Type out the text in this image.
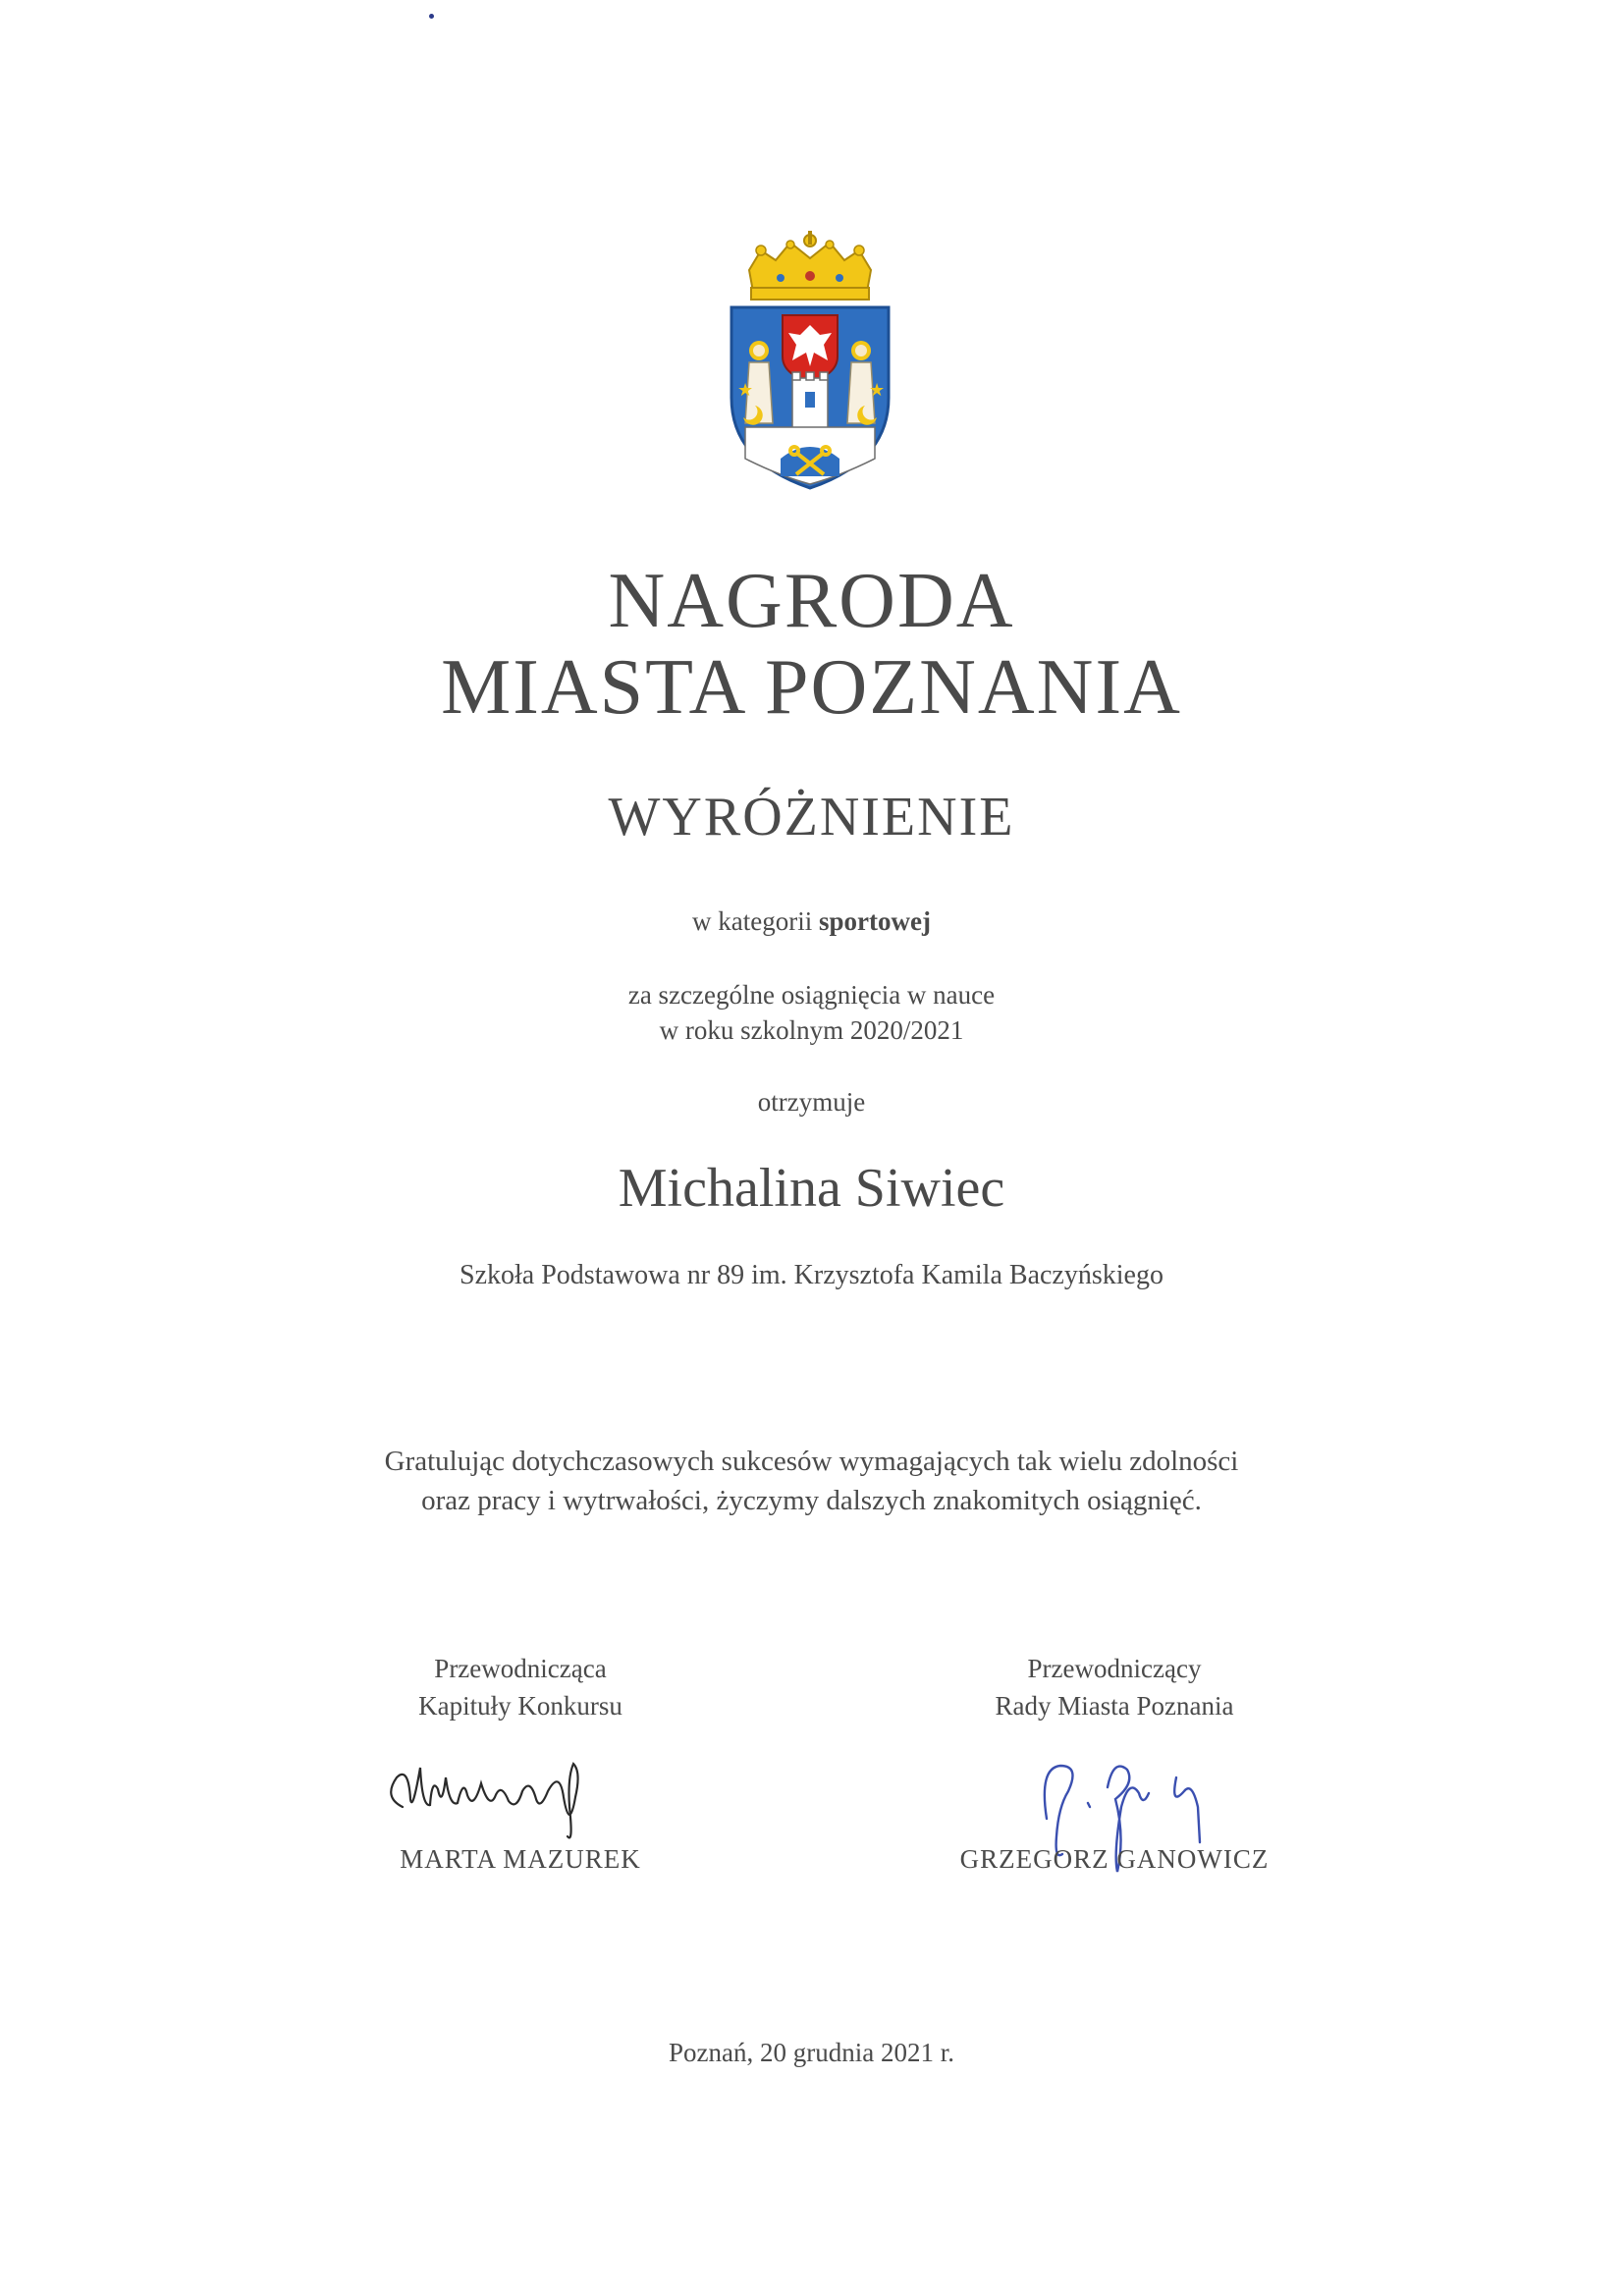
★	★
NAGRODA
MIASTA POZNANIA
WYRÓŻNIENIE
w kategorii sportowej
za szczególne osiągnięcia w nauce
w roku szkolnym 2020/2021
otrzymuje
Michalina Siwiec
Szkoła Podstawowa nr 89 im. Krzysztofa Kamila Baczyńskiego
Gratulując dotychczasowych sukcesów wymagających tak wielu zdolności
oraz pracy i wytrwałości, życzymy dalszych znakomitych osiągnięć.
Przewodnicząca
Kapituły Konkursu
MARTA MAZUREK
Przewodniczący
Rady Miasta Poznania
GRZEGORZ GANOWICZ
Poznań, 20 grudnia 2021 r.
